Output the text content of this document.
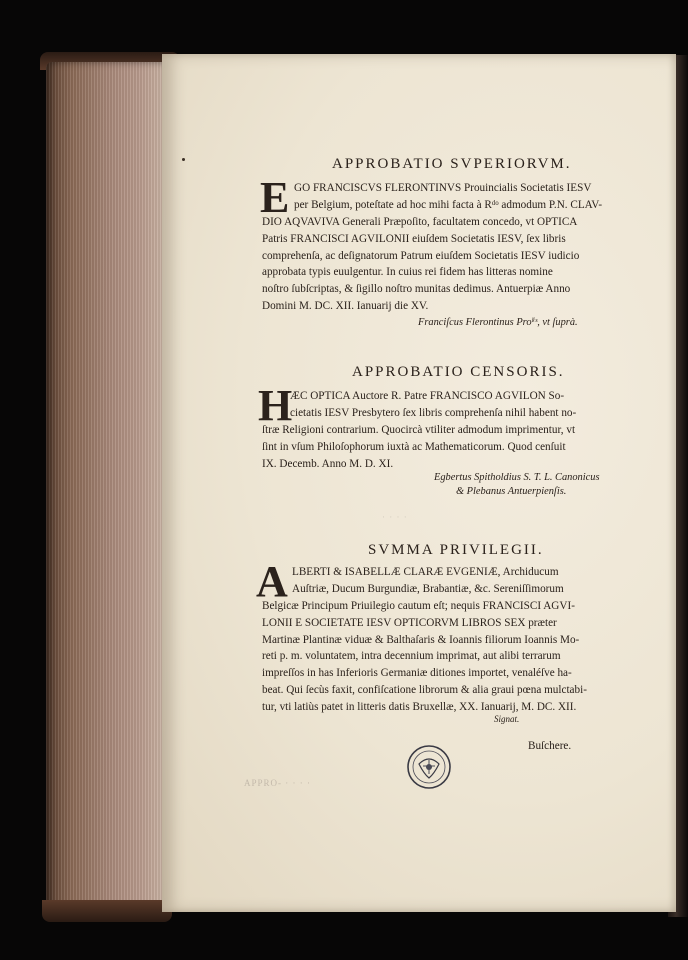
APPRO- · · · ·
· · · ·
APPROBATIO SVPERIORVM.
E GO FRANCISCVS FLERONTINVS Prouincialis Societatis IESV
per Belgium, poteſtate ad hoc mihi facta à Rᵈᵒ admodum P.N. CLAV-
DIO AQVAVIVA Generali Præpoſito, facultatem concedo, vt OPTICA
Patris FRANCISCI AGVILONII eiuſdem Societatis IESV, ſex libris
comprehenſa, ac deſignatorum Patrum eiuſdem Societatis IESV iudicio
approbata typis euulgentur. In cuius rei fidem has litteras nomine
noſtro ſubſcriptas, & ſigillo noſtro munitas dedimus. Antuerpiæ Anno
Domini M. DC. XII. Ianuarij die XV.

Franciſcus Flerontinus Proˡⁱˢ, vt ſuprà.

APPROBATIO CENSORIS.
H
ÆC OPTICA Auctore R. Patre FRANCISCO AGVILON So-
cietatis IESV Presbytero ſex libris comprehenſa nihil habent no-
ſtræ Religioni contrarium. Quocircà vtiliter admodum imprimentur, vt
ſint in vſum Philoſophorum iuxtà ac Mathematicorum. Quod cenſuit
IX. Decemb. Anno M. D. XI.

Egbertus Spitholdius S. T. L. Canonicus

& Plebanus Antuerpienſis.

SVMMA PRIVILEGII.
A LBERTI & ISABELLÆ CLARÆ EVGENIÆ, Archiducum
Auſtriæ, Ducum Burgundiæ, Brabantiæ, &c. Sereniſſimorum
Belgicæ Principum Priuilegio cautum eſt; nequis FRANCISCI AGVI-
LONII E SOCIETATE IESV OPTICORVM LIBROS SEX præter
Martinæ Plantinæ viduæ & Balthaſaris & Ioannis filiorum Ioannis Mo-
reti p. m. voluntatem, intra decennium imprimat, aut alibi terrarum
impreſſos in has Inferioris Germaniæ ditiones importet, venaléſve ha-
beat. Qui ſecùs faxit, confiſcatione librorum & alia graui pœna mulctabi-
tur, vti latiùs patet in litteris datis Bruxellæ, XX. Ianuarij, M. DC. XII.

Signat.

Buſchere.
